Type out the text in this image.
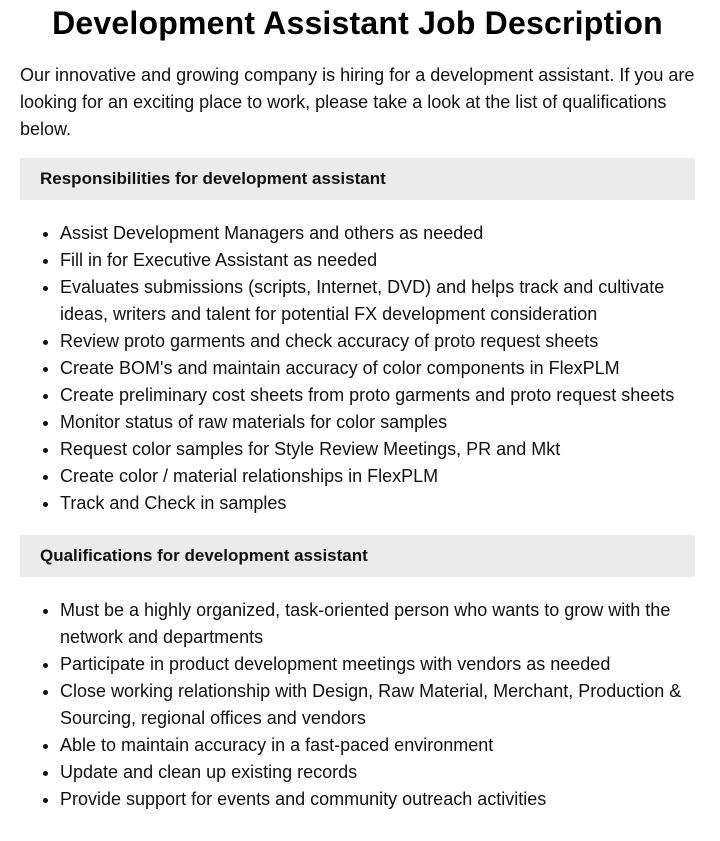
Development Assistant Job Description

Our innovative and growing company is hiring for a development assistant. If you are looking for an exciting place to work, please take a look at the list of qualifications below.

Responsibilities for development assistant
• Assist Development Managers and others as needed
• Fill in for Executive Assistant as needed
• Evaluates submissions (scripts, Internet, DVD) and helps track and cultivate ideas, writers and talent for potential FX development consideration
• Review proto garments and check accuracy of proto request sheets
• Create BOM's and maintain accuracy of color components in FlexPLM
• Create preliminary cost sheets from proto garments and proto request sheets
• Monitor status of raw materials for color samples
• Request color samples for Style Review Meetings, PR and Mkt
• Create color / material relationships in FlexPLM
• Track and Check in samples
Qualifications for development assistant
• Must be a highly organized, task-oriented person who wants to grow with the network and departments
• Participate in product development meetings with vendors as needed
• Close working relationship with Design, Raw Material, Merchant, Production & Sourcing, regional offices and vendors
• Able to maintain accuracy in a fast-paced environment
• Update and clean up existing records
• Provide support for events and community outreach activities
